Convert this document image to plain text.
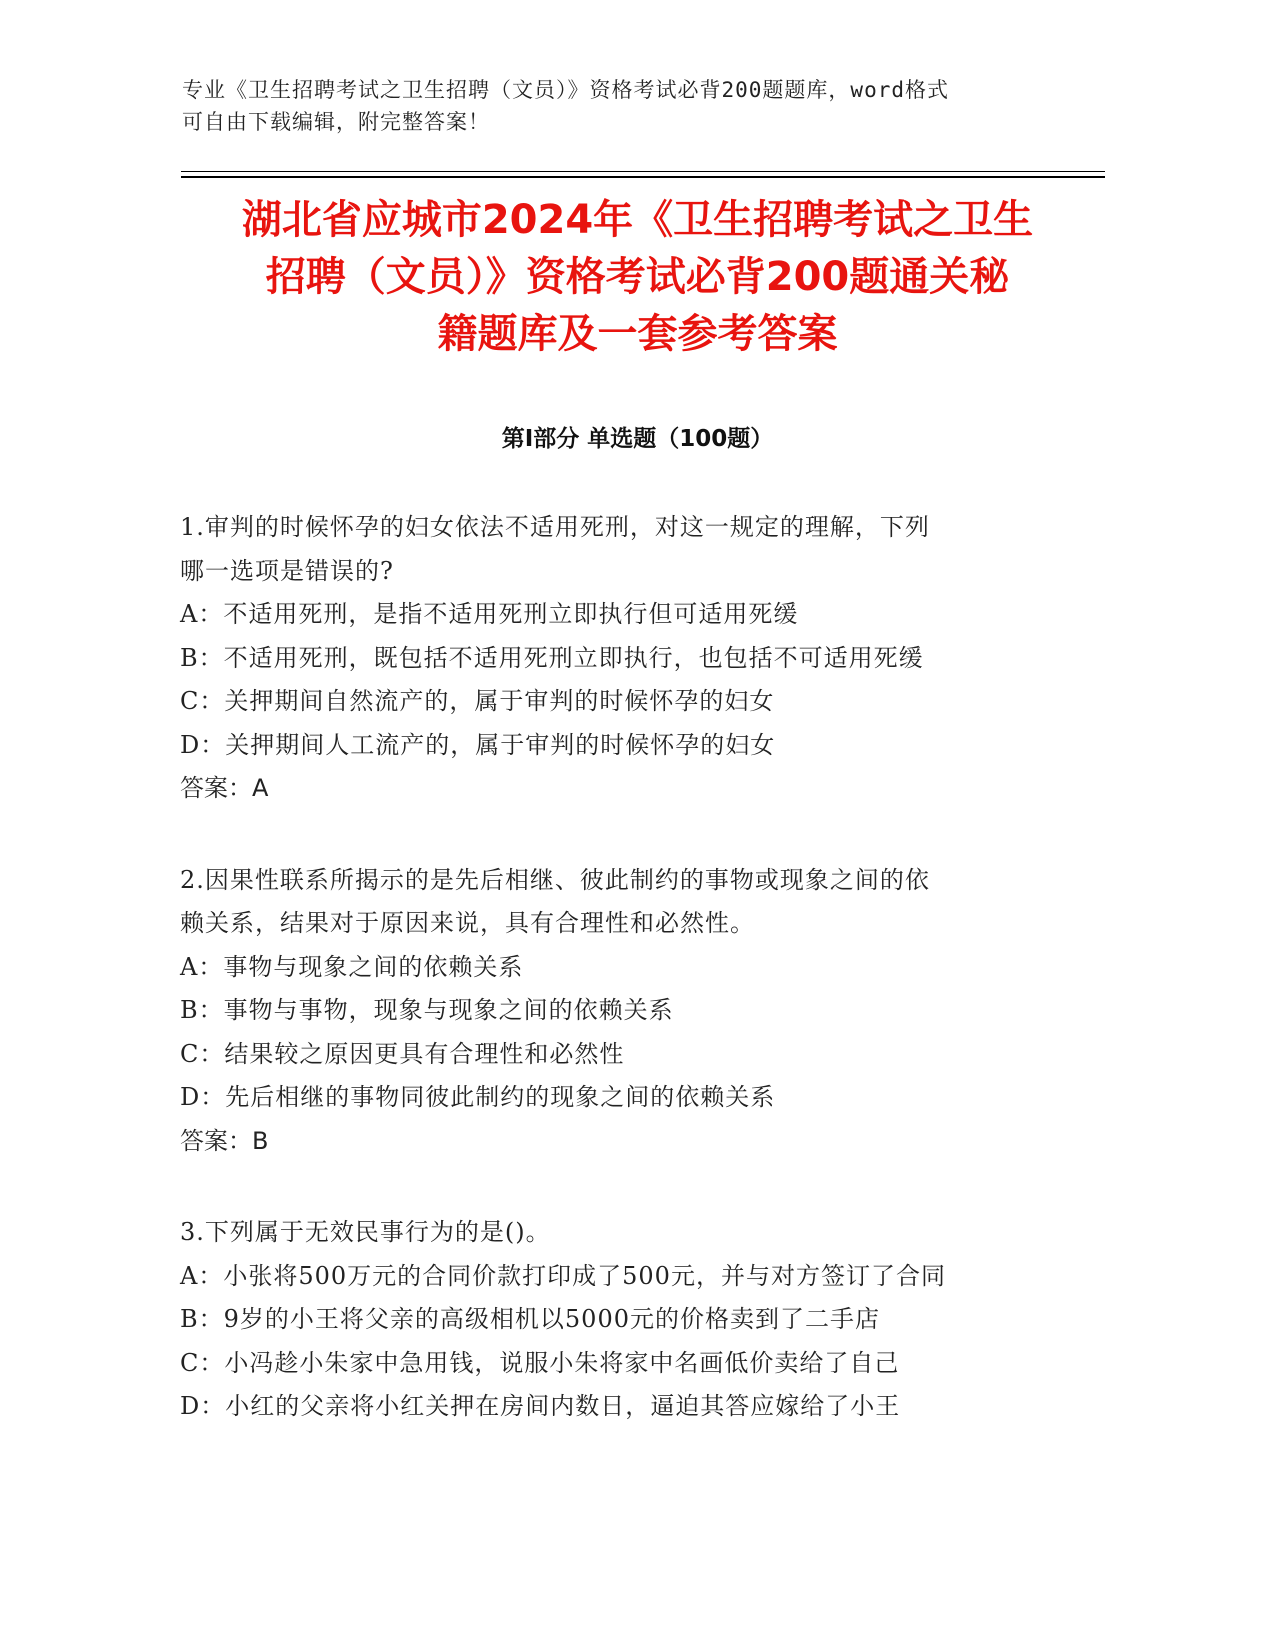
专业《卫生招聘考试之卫生招聘（文员）》资格考试必背200题题库，word格式
可自由下载编辑，附完整答案！
湖北省应城市2024年《卫生招聘考试之卫生
招聘（文员）》资格考试必背200题通关秘
籍题库及一套参考答案
第Ⅰ部分 单选题（100题）
1.审判的时候怀孕的妇女依法不适用死刑，对这一规定的理解，下列
哪一选项是错误的?
A：不适用死刑，是指不适用死刑立即执行但可适用死缓
B：不适用死刑，既包括不适用死刑立即执行，也包括不可适用死缓
C：关押期间自然流产的，属于审判的时候怀孕的妇女
D：关押期间人工流产的，属于审判的时候怀孕的妇女
答案：A
2.因果性联系所揭示的是先后相继、彼此制约的事物或现象之间的依
赖关系，结果对于原因来说，具有合理性和必然性。
A：事物与现象之间的依赖关系
B：事物与事物，现象与现象之间的依赖关系
C：结果较之原因更具有合理性和必然性
D：先后相继的事物同彼此制约的现象之间的依赖关系
答案：B
3.下列属于无效民事行为的是()。
A：小张将500万元的合同价款打印成了500元，并与对方签订了合同
B：9岁的小王将父亲的高级相机以5000元的价格卖到了二手店
C：小冯趁小朱家中急用钱，说服小朱将家中名画低价卖给了自己
D：小红的父亲将小红关押在房间内数日，逼迫其答应嫁给了小王
